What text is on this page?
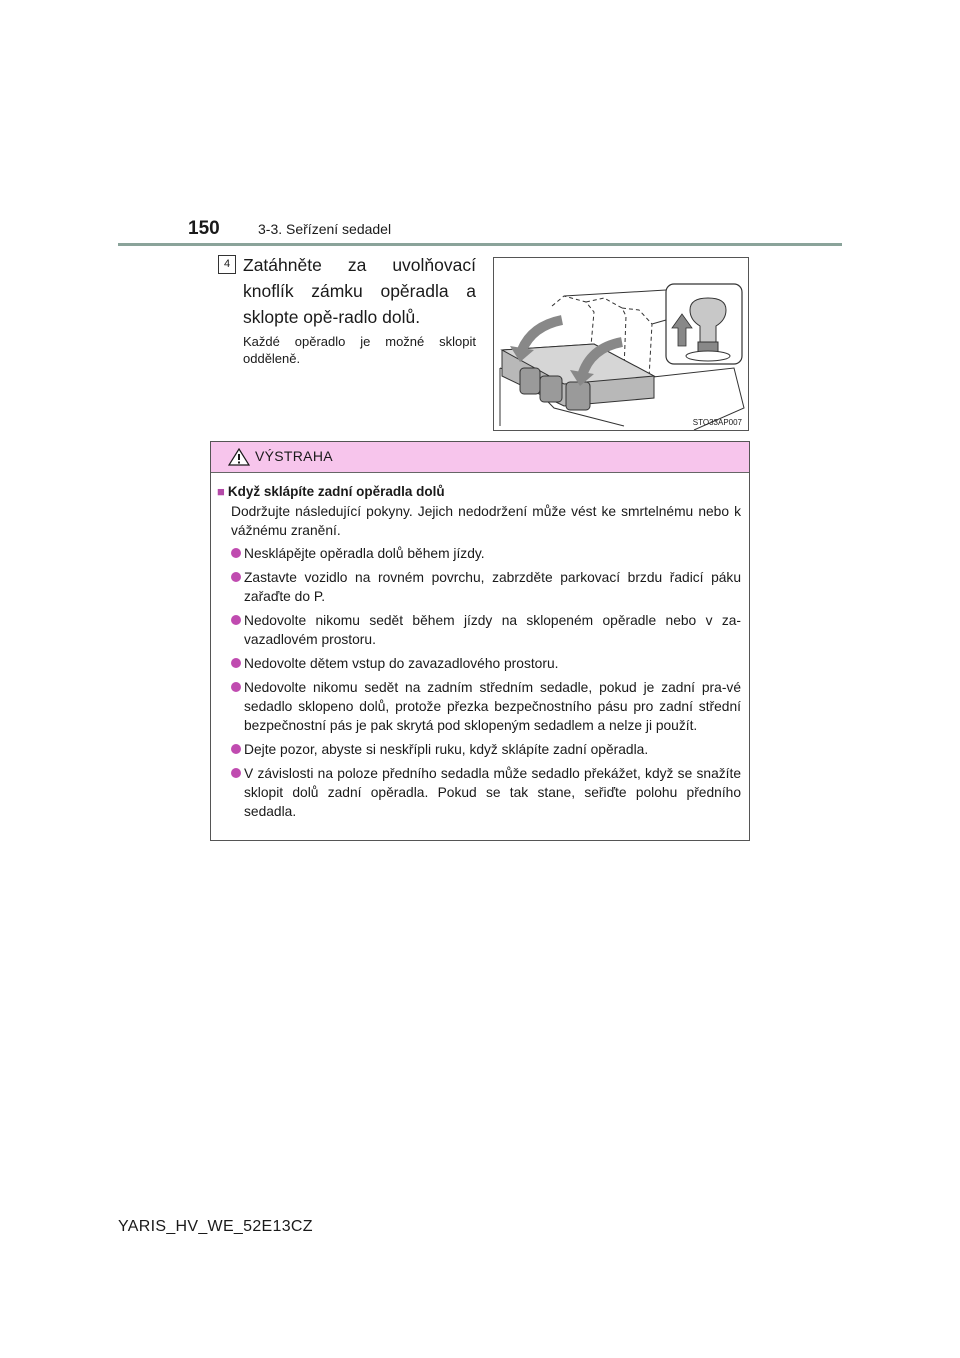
150	3-3. Seřízení sedadel
4 Zatáhněte za uvolňovací knoflík zámku opěradla a sklopte opě-radlo dolů.
Každé opěradlo je možné sklopit odděleně.
STO33AP007
VÝSTRAHA
■ Když sklápíte zadní opěradla dolů
Dodržujte následující pokyny. Jejich nedodržení může vést ke smrtelnému nebo k vážnému zranění.
Nesklápějte opěradla dolů během jízdy.
Zastavte vozidlo na rovném povrchu, zabrzděte parkovací brzdu řadicí páku zařaďte do P.
Nedovolte nikomu sedět během jízdy na sklopeném opěradle nebo v za-vazadlovém prostoru.
Nedovolte dětem vstup do zavazadlového prostoru.
Nedovolte nikomu sedět na zadním středním sedadle, pokud je zadní pra-vé sedadlo sklopeno dolů, protože přezka bezpečnostního pásu pro zadní střední bezpečnostní pás je pak skrytá pod sklopeným sedadlem a nelze ji použít.
Dejte pozor, abyste si neskřípli ruku, když sklápíte zadní opěradla.
V závislosti na poloze předního sedadla může sedadlo překážet, když se snažíte sklopit dolů zadní opěradla. Pokud se tak stane, seřiďte polohu předního sedadla.
YARIS_HV_WE_52E13CZ
